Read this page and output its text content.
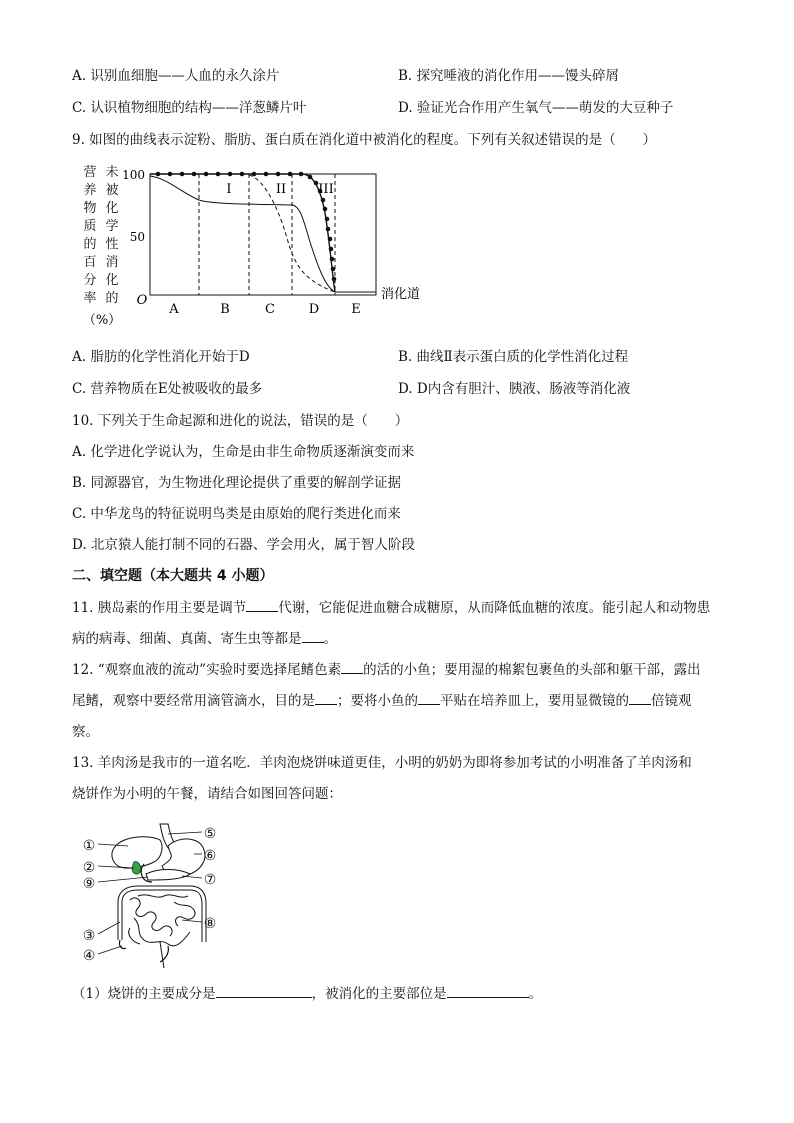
A. 识别血细胞——人血的永久涂片	B. 探究唾液的消化作用——馒头碎屑
C. 认识植物细胞的结构——洋葱鳞片叶	D. 验证光合作用产生氧气——萌发的大豆种子
9. 如图的曲线表示淀粉、脂肪、蛋白质在消化道中被消化的程度。下列有关叙述错误的是（　　）
营
养
物
质
的
百
分
率
未
被
化
学
性
消
化
的
（%）
100
50
O
A	B	C	D E
消化道
I	II III
A. 脂肪的化学性消化开始于D	B. 曲线Ⅱ表示蛋白质的化学性消化过程
C. 营养物质在E处被吸收的最多	D. D内含有胆汁、胰液、肠液等消化液
10. 下列关于生命起源和进化的说法，错误的是（　　）
A. 化学进化学说认为，生命是由非生命物质逐渐演变而来
B. 同源器官，为生物进化理论提供了重要的解剖学证据
C. 中华龙鸟的特征说明鸟类是由原始的爬行类进化而来
D. 北京猿人能打制不同的石器、学会用火，属于智人阶段
二、填空题（本大题共 4 小题）
11. 胰岛素的作用主要是调节 代谢，它能促进血糖合成糖原，从而降低血糖的浓度。能引起人和动物患
病的病毒、细菌、真菌、寄生虫等都是 。
12. “观察血液的流动”实验时要选择尾鳍色素 的活的小鱼；要用湿的棉絮包裹鱼的头部和躯干部，露出
尾鳍，观察中要经常用滴管滴水，目的是 ；要将小鱼的 平贴在培养皿上，要用显微镜的 倍镜观
察。
13. 羊肉汤是我市的一道名吃．羊肉泡烧饼味道更佳，小明的奶奶为即将参加考试的小明准备了羊肉汤和
烧饼作为小明的午餐，请结合如图回答问题：
①
②
⑨
③
④
⑤
⑥
⑦
⑧
（1）烧饼的主要成分是	，被消化的主要部位是	。
